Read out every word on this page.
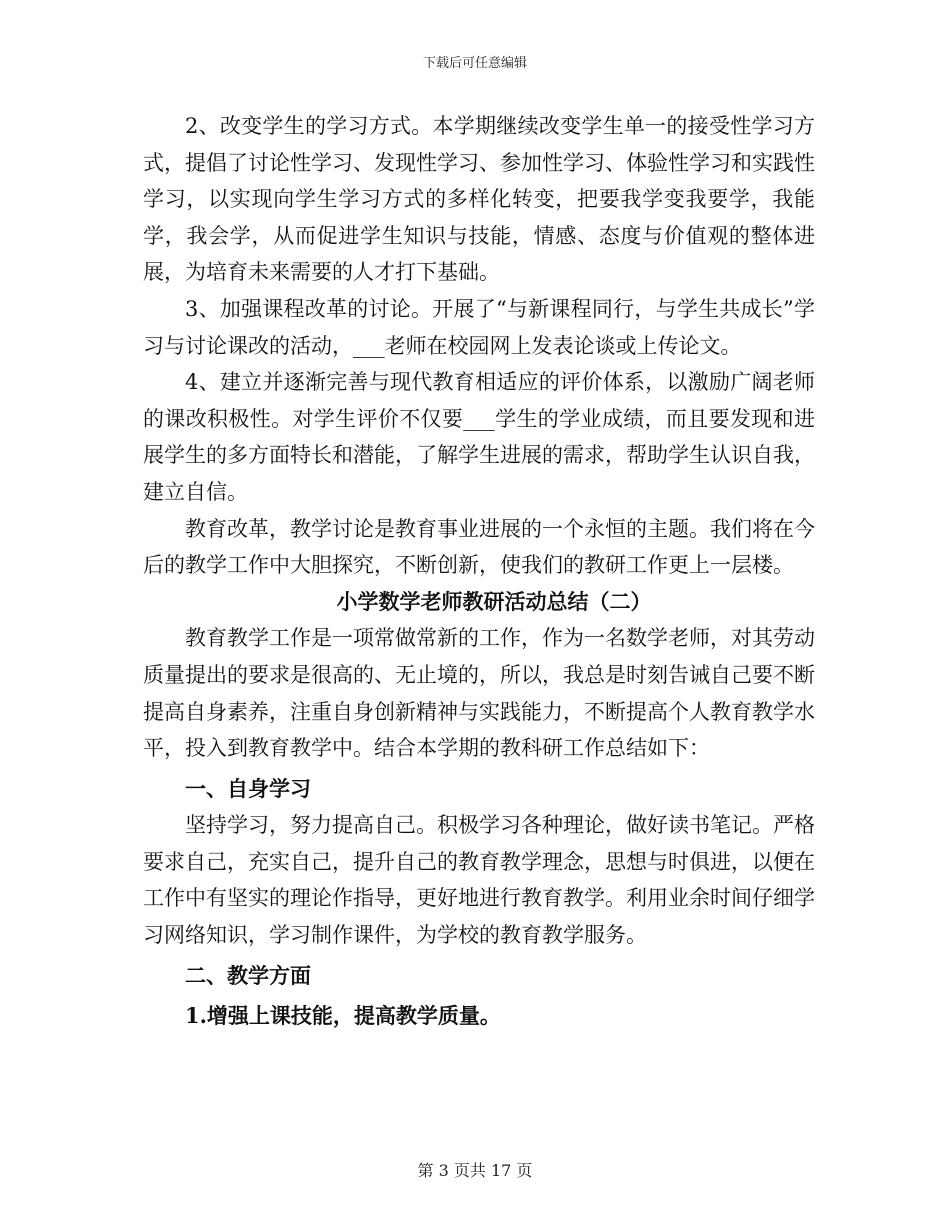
下载后可任意编辑

2、改变学生的学习方式。本学期继续改变学生单一的接受性学习方式，提倡了讨论性学习、发现性学习、参加性学习、体验性学习和实践性学习，以实现向学生学习方式的多样化转变，把要我学变我要学，我能学，我会学，从而促进学生知识与技能，情感、态度与价值观的整体进展，为培育未来需要的人才打下基础。

3、加强课程改革的讨论。开展了“与新课程同行，与学生共成长”学习与讨论课改的活动，___老师在校园网上发表论谈或上传论文。

4、建立并逐渐完善与现代教育相适应的评价体系，以激励广阔老师的课改积极性。对学生评价不仅要___学生的学业成绩，而且要发现和进展学生的多方面特长和潜能，了解学生进展的需求，帮助学生认识自我，建立自信。

教育改革，教学讨论是教育事业进展的一个永恒的主题。我们将在今后的教学工作中大胆探究，不断创新，使我们的教研工作更上一层楼。

小学数学老师教研活动总结（二）

教育教学工作是一项常做常新的工作，作为一名数学老师，对其劳动质量提出的要求是很高的、无止境的，所以，我总是时刻告诫自己要不断提高自身素养，注重自身创新精神与实践能力，不断提高个人教育教学水平，投入到教育教学中。结合本学期的教科研工作总结如下：

一、自身学习

坚持学习，努力提高自己。积极学习各种理论，做好读书笔记。严格要求自己，充实自己，提升自己的教育教学理念，思想与时俱进，以便在工作中有坚实的理论作指导，更好地进行教育教学。利用业余时间仔细学习网络知识，学习制作课件，为学校的教育教学服务。

二、教学方面

1.增强上课技能，提高教学质量。

第 3 页共 17 页
